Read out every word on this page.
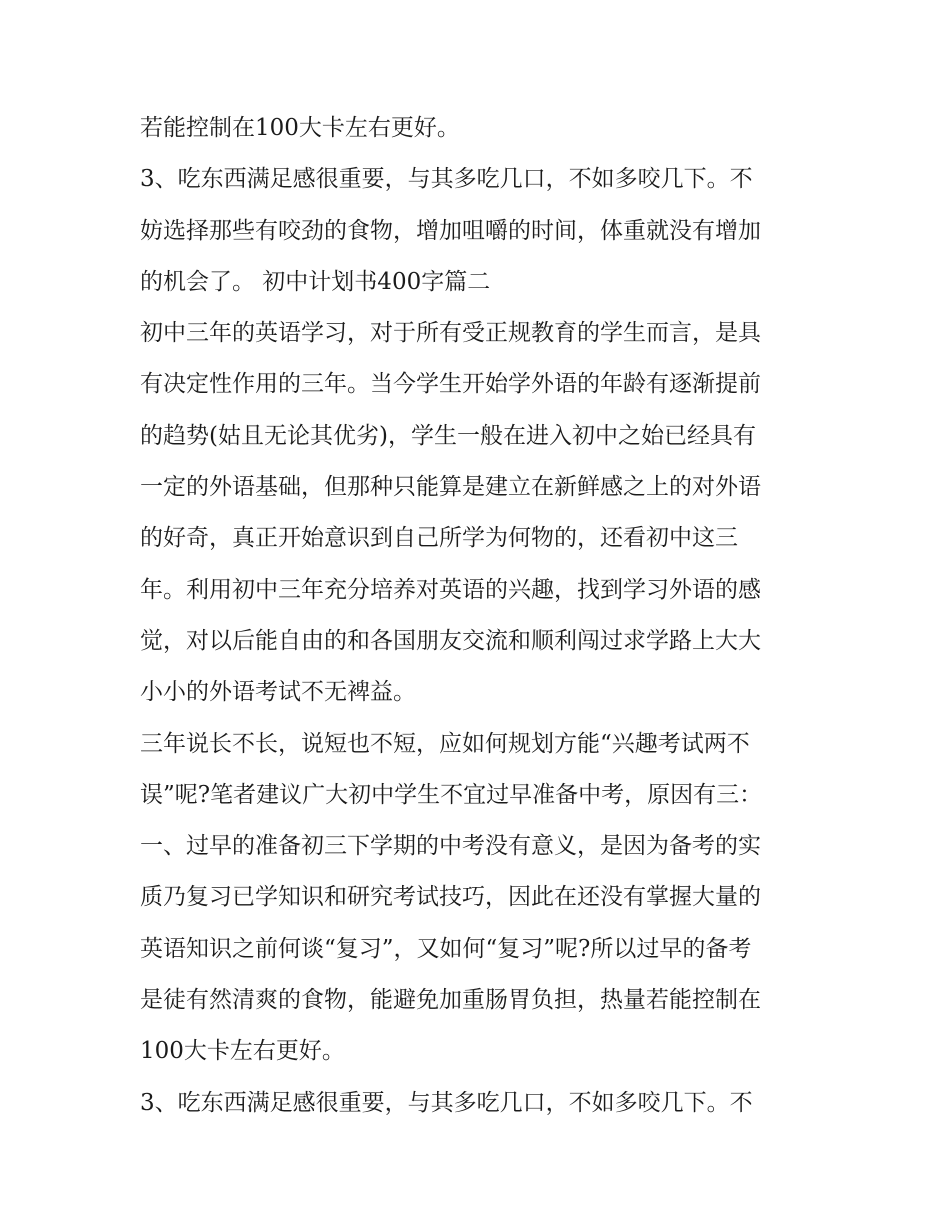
若能控制在100大卡左右更好。
3、吃东西满足感很重要，与其多吃几口，不如多咬几下。不
妨选择那些有咬劲的食物，增加咀嚼的时间，体重就没有增加
的机会了。 初中计划书400字篇二
初中三年的英语学习，对于所有受正规教育的学生而言，是具
有决定性作用的三年。当今学生开始学外语的年龄有逐渐提前
的趋势(姑且无论其优劣)，学生一般在进入初中之始已经具有
一定的外语基础，但那种只能算是建立在新鲜感之上的对外语
的好奇，真正开始意识到自己所学为何物的，还看初中这三
年。利用初中三年充分培养对英语的兴趣，找到学习外语的感
觉，对以后能自由的和各国朋友交流和顺利闯过求学路上大大
小小的外语考试不无裨益。
三年说长不长，说短也不短，应如何规划方能“兴趣考试两不
误”呢?笔者建议广大初中学生不宜过早准备中考，原因有三：
一、过早的准备初三下学期的中考没有意义，是因为备考的实
质乃复习已学知识和研究考试技巧，因此在还没有掌握大量的
英语知识之前何谈“复习”，又如何“复习”呢?所以过早的备考
是徒有然清爽的食物，能避免加重肠胃负担，热量若能控制在
100大卡左右更好。
3、吃东西满足感很重要，与其多吃几口，不如多咬几下。不
